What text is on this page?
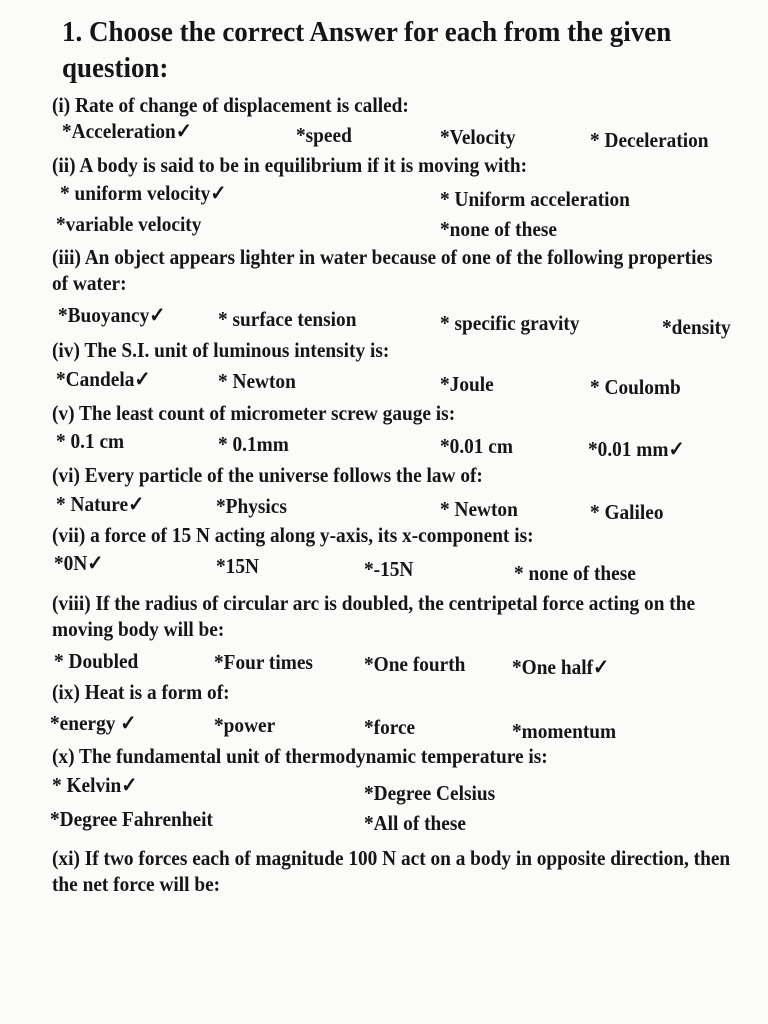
1. Choose the correct Answer for each from the given question:
(i) Rate of change of displacement is called:
*Acceleration✓	*speed	*Velocity	* Deceleration
(ii) A body is said to be in equilibrium if it is moving with:
* uniform velocity✓	* Uniform acceleration
*variable velocity	*none of these
(iii) An object appears lighter in water because of one of the following properties of water:
*Buoyancy✓	* surface tension	* specific gravity	*density
(iv) The S.I. unit of luminous intensity is:
*Candela✓	* Newton	*Joule	* Coulomb
(v) The least count of micrometer screw gauge is:
* 0.1 cm	* 0.1mm	*0.01 cm	*0.01 mm✓
(vi) Every particle of the universe follows the law of:
* Nature✓	*Physics	* Newton	* Galileo
(vii) a force of 15 N acting along y-axis, its x-component is:
*0N✓	*15N	*-15N	* none of these
(viii) If the radius of circular arc is doubled, the centripetal force acting on the moving body will be:
* Doubled	*Four times *One fourth *One half✓
(ix) Heat is a form of:
*energy ✓	*power	*force	*momentum
(x) The fundamental unit of thermodynamic temperature is:
* Kelvin✓	*Degree Celsius
*Degree Fahrenheit	*All of these
(xi) If two forces each of magnitude 100 N act on a body in opposite direction, then the net force will be:
